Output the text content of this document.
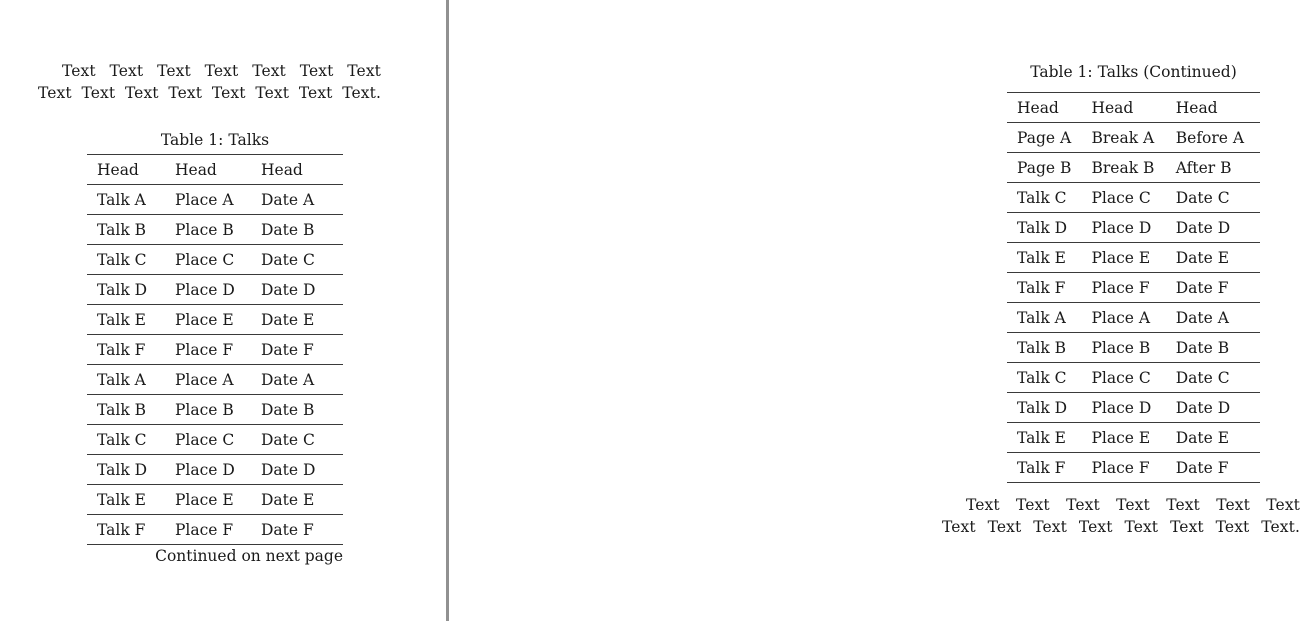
Text Text Text Text Text Text Text
Text Text Text Text Text Text Text Text.
Table 1: Talks
Head	Head	Head
Talk A	Place A	Date A
Talk B	Place B	Date B
Talk C	Place C	Date C
Talk D	Place D	Date D
Talk E	Place E	Date E
Talk F	Place F	Date F
Talk A	Place A	Date A
Talk B	Place B	Date B
Talk C	Place C	Date C
Talk D	Place D	Date D
Talk E	Place E	Date E
Talk F	Place F	Date F
Continued on next page
Table 1: Talks (Continued)
Head	Head	Head
Page A	Break A	Before A
Page B	Break B	After B
Talk C	Place C	Date C
Talk D	Place D	Date D
Talk E	Place E	Date E
Talk F	Place F	Date F
Talk A	Place A	Date A
Talk B	Place B	Date B
Talk C	Place C	Date C
Talk D	Place D	Date D
Talk E	Place E	Date E
Talk F	Place F	Date F
Text Text Text Text Text Text Text
Text Text Text Text Text Text Text Text.
